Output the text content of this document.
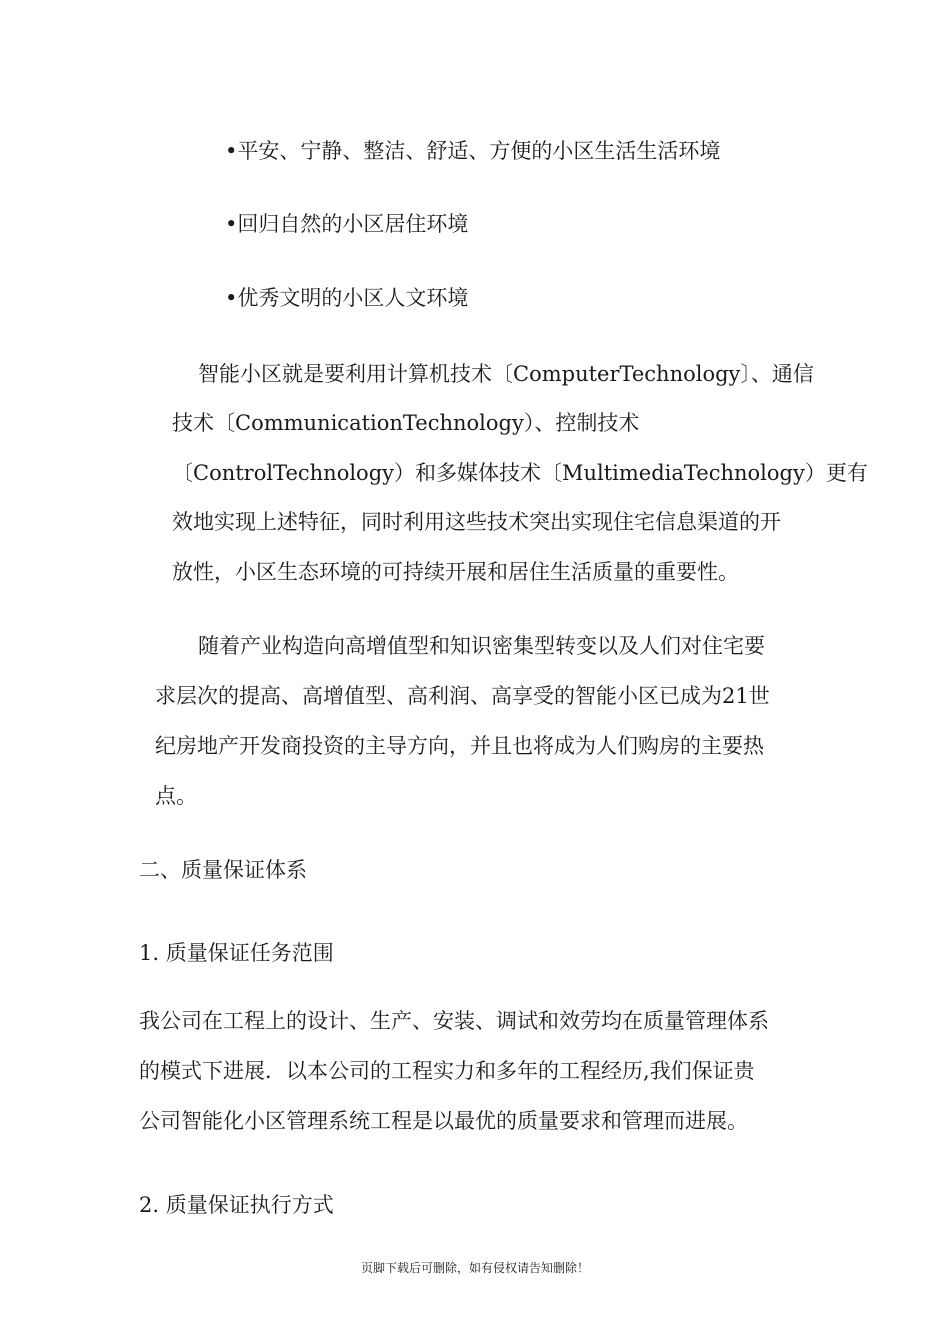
•平安、宁静、整洁、舒适、方便的小区生活生活环境
•回归自然的小区居住环境
•优秀文明的小区人文环境
智能小区就是要利用计算机技术〔ComputerTechnology〕、通信
技术〔CommunicationTechnology）、控制技术
〔ControlTechnology）和多媒体技术〔MultimediaTechnology）更有
效地实现上述特征，同时利用这些技术突出实现住宅信息渠道的开
放性，小区生态环境的可持续开展和居住生活质量的重要性。
随着产业构造向高增值型和知识密集型转变以及人们对住宅要
求层次的提高、高增值型、高利润、高享受的智能小区已成为21世
纪房地产开发商投资的主导方向，并且也将成为人们购房的主要热
点。
二、质量保证体系
1. 质量保证任务范围
我公司在工程上的设计、生产、安装、调试和效劳均在质量管理体系
的模式下进展．以本公司的工程实力和多年的工程经历,我们保证贵
公司智能化小区管理系统工程是以最优的质量要求和管理而进展。
2. 质量保证执行方式
页脚下载后可删除，如有侵权请告知删除！
